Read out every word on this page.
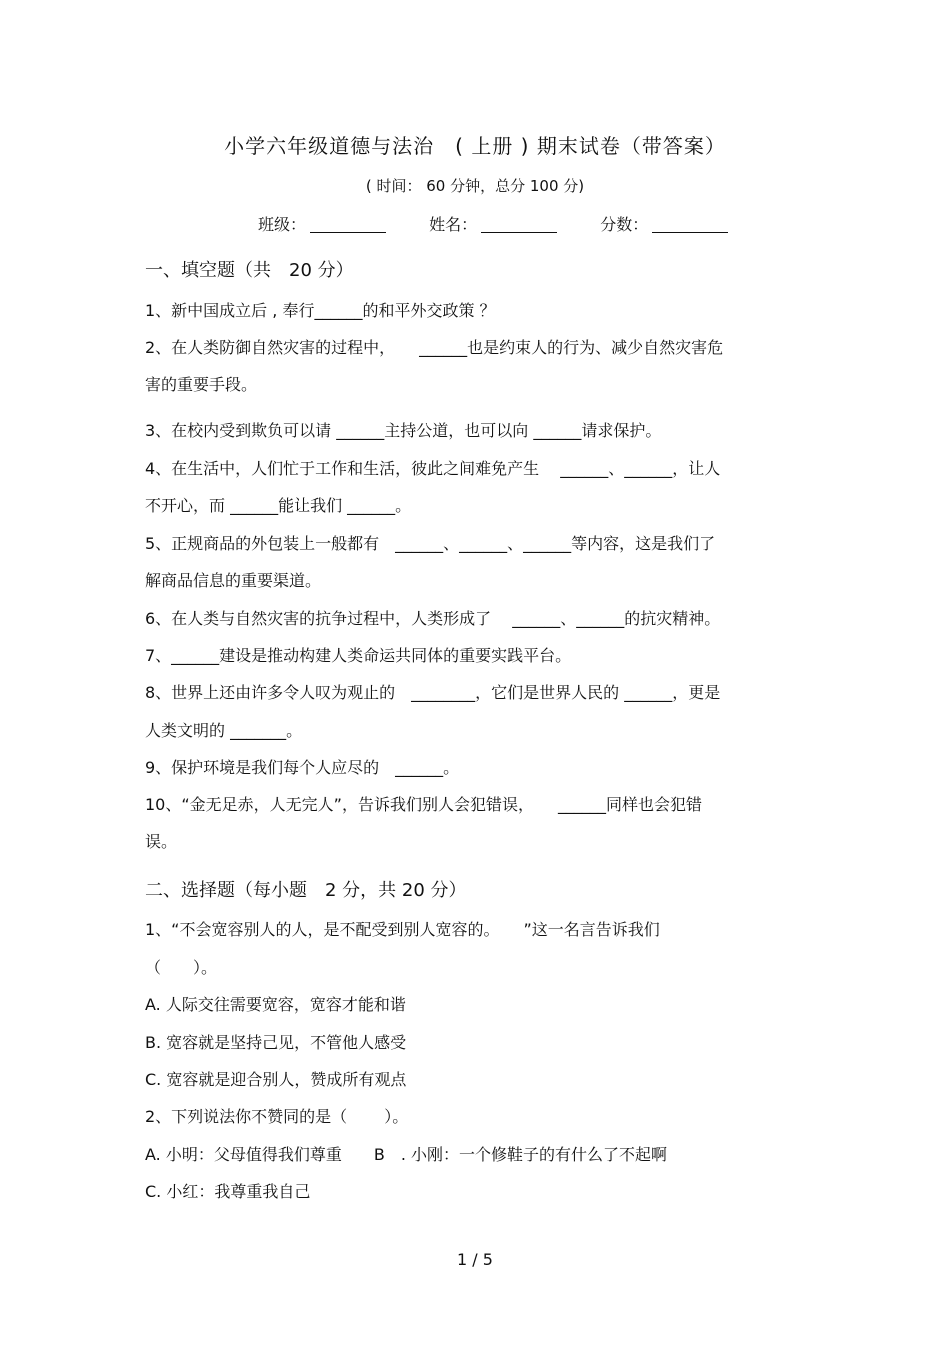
小学六年级道德与法治　( 上册 ) 期末试卷（带答案）
( 时间： 60 分钟，总分 100 分)
班级：	姓名：	分数：
一、填空题（共　20 分）
1、新中国成立后 , 奉行______的和平外交政策 ？
2、在人类防御自然灾害的过程中，　　______也是约束人的行为、减少自然灾害危
害的重要手段。
3、在校内受到欺负可以请 ______主持公道，也可以向 ______请求保护。
4、在生活中，人们忙于工作和生活，彼此之间难免产生　 ______、______，让人
不开心，而 ______能让我们 ______。
5、正规商品的外包装上一般都有　______、______、______等内容，这是我们了
解商品信息的重要渠道。
6、在人类与自然灾害的抗争过程中，人类形成了　 ______、______的抗灾精神。
7、______建设是推动构建人类命运共同体的重要实践平台。
8、世界上还由许多令人叹为观止的　________，它们是世界人民的 ______，更是
人类文明的 _______。
9、保护环境是我们每个人应尽的　______。
10、“金无足赤，人无完人”，告诉我们别人会犯错误，　　______同样也会犯错
误。
二、选择题（每小题　2 分，共 20 分）
1、“不会宽容别人的人，是不配受到别人宽容的。　　”这一名言告诉我们
（　　）。
A. 人际交往需要宽容，宽容才能和谐
B. 宽容就是坚持己见，不管他人感受
C. 宽容就是迎合别人，赞成所有观点
2、下列说法你不赞同的是（　　 ）。
A. 小明：父母值得我们尊重　　B　. 小刚：一个修鞋子的有什么了不起啊
C. 小红：我尊重我自己
1 / 5
